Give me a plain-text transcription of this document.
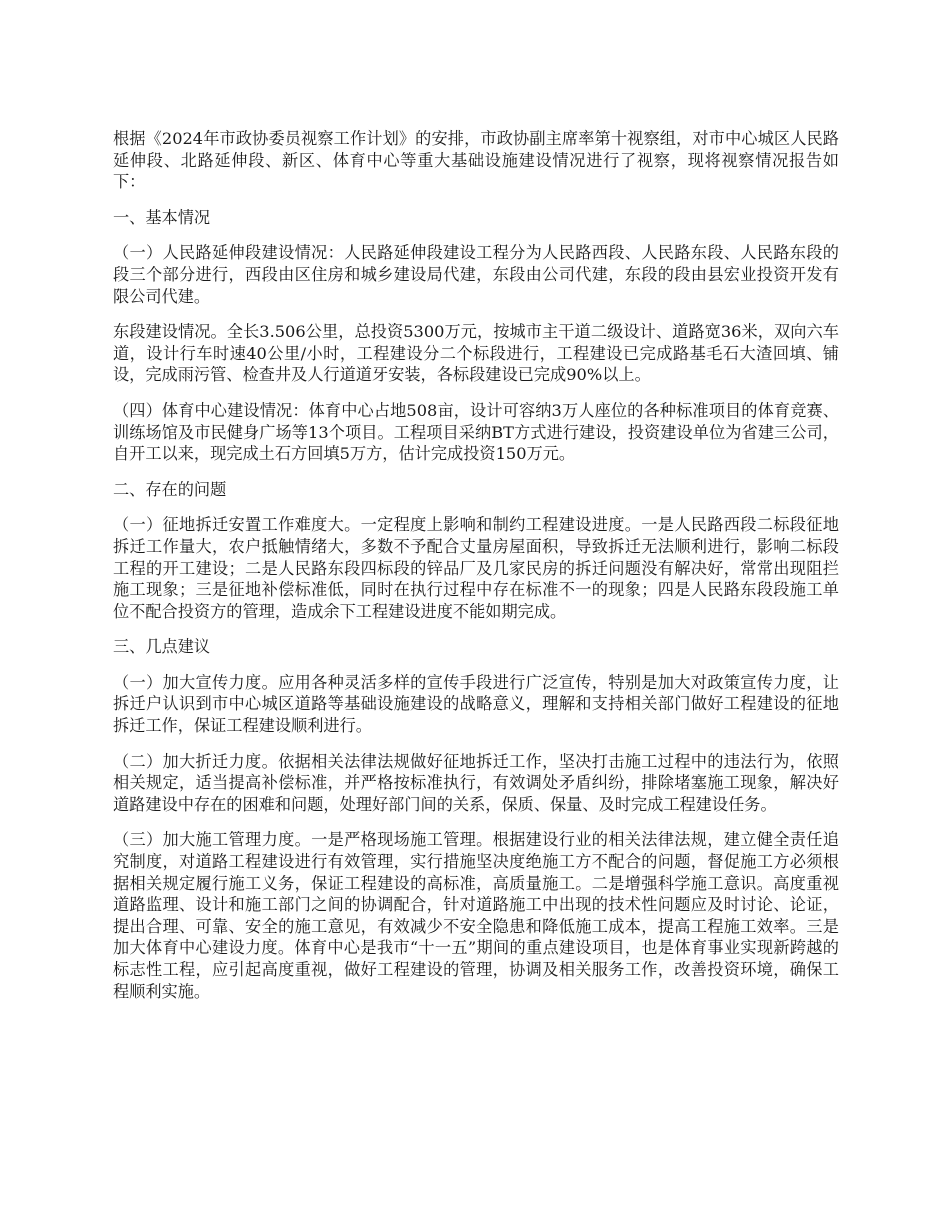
根据《2024年市政协委员视察工作计划》的安排，市政协副主席率第十视察组，对市中心城区人民路延伸段、北路延伸段、新区、体育中心等重大基础设施建设情况进行了视察，现将视察情况报告如下：

一、基本情况

（一）人民路延伸段建设情况：人民路延伸段建设工程分为人民路西段、人民路东段、人民路东段的段三个部分进行，西段由区住房和城乡建设局代建，东段由公司代建，东段的段由县宏业投资开发有限公司代建。

东段建设情况。全长3.506公里，总投资5300万元，按城市主干道二级设计、道路宽36米，双向六车道，设计行车时速40公里/小时，工程建设分二个标段进行，工程建设已完成路基毛石大渣回填、铺设，完成雨污管、检查井及人行道道牙安装，各标段建设已完成90%以上。

（四）体育中心建设情况：体育中心占地508亩，设计可容纳3万人座位的各种标准项目的体育竞赛、训练场馆及市民健身广场等13个项目。工程项目采纳BT方式进行建设，投资建设单位为省建三公司，自开工以来，现完成土石方回填5万方，估计完成投资150万元。

二、存在的问题

（一）征地拆迁安置工作难度大。一定程度上影响和制约工程建设进度。一是人民路西段二标段征地拆迁工作量大，农户抵触情绪大，多数不予配合丈量房屋面积，导致拆迁无法顺利进行，影响二标段工程的开工建设；二是人民路东段四标段的锌品厂及几家民房的拆迁问题没有解决好，常常出现阻拦施工现象；三是征地补偿标准低，同时在执行过程中存在标准不一的现象；四是人民路东段段施工单位不配合投资方的管理，造成余下工程建设进度不能如期完成。

三、几点建议

（一）加大宣传力度。应用各种灵活多样的宣传手段进行广泛宣传，特别是加大对政策宣传力度，让拆迁户认识到市中心城区道路等基础设施建设的战略意义，理解和支持相关部门做好工程建设的征地拆迁工作，保证工程建设顺利进行。

（二）加大折迁力度。依据相关法律法规做好征地拆迁工作，坚决打击施工过程中的违法行为，依照相关规定，适当提高补偿标准，并严格按标准执行，有效调处矛盾纠纷，排除堵塞施工现象，解决好道路建设中存在的困难和问题，处理好部门间的关系，保质、保量、及时完成工程建设任务。

（三）加大施工管理力度。一是严格现场施工管理。根据建设行业的相关法律法规，建立健全责任追究制度，对道路工程建设进行有效管理，实行措施坚决度绝施工方不配合的问题，督促施工方必须根据相关规定履行施工义务，保证工程建设的高标准，高质量施工。二是增强科学施工意识。高度重视道路监理、设计和施工部门之间的协调配合，针对道路施工中出现的技术性问题应及时讨论、论证，提出合理、可靠、安全的施工意见，有效减少不安全隐患和降低施工成本，提高工程施工效率。三是加大体育中心建设力度。体育中心是我市“十一五”期间的重点建设项目，也是体育事业实现新跨越的标志性工程，应引起高度重视，做好工程建设的管理，协调及相关服务工作，改善投资环境，确保工程顺利实施。
